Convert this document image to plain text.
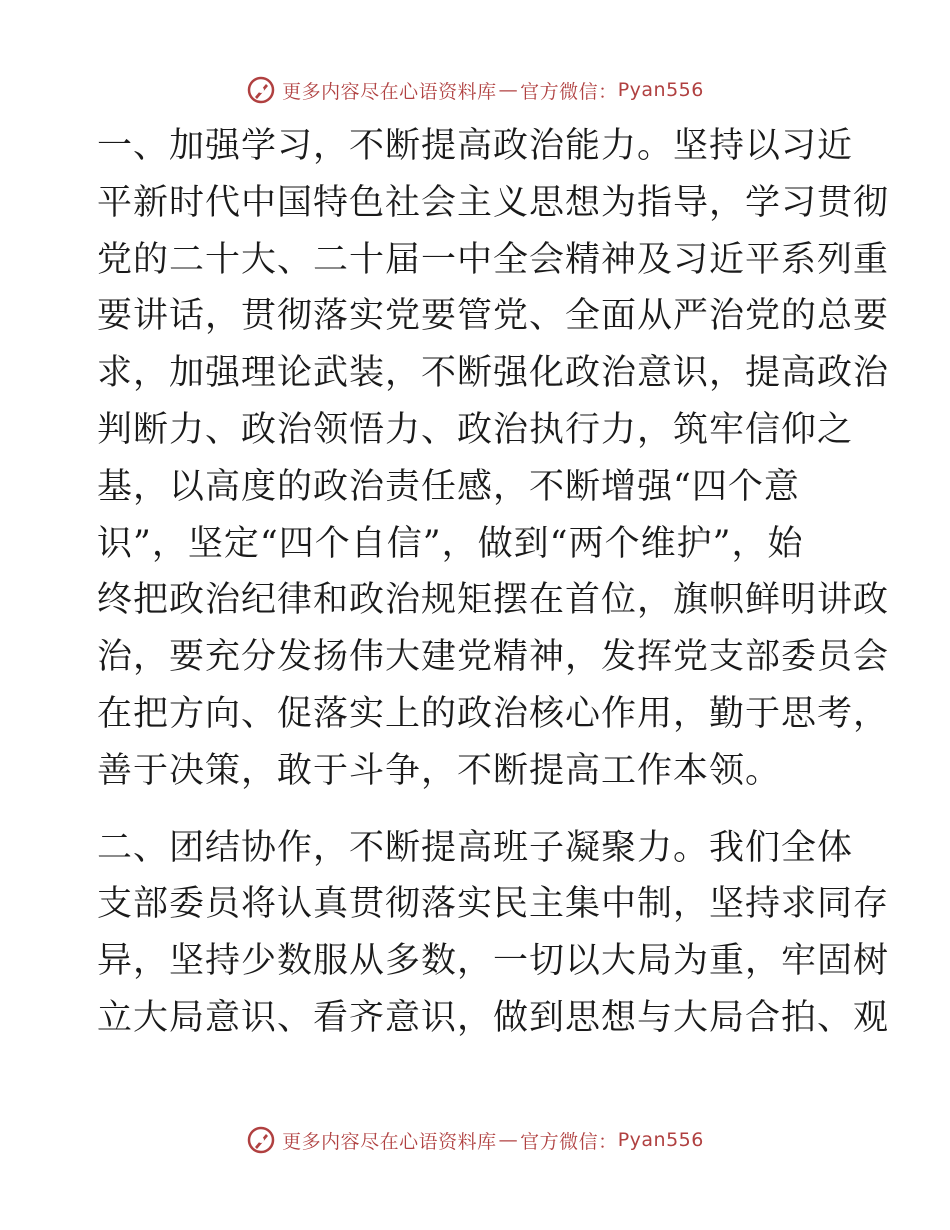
更多内容尽在心语资料库 — 官方微信： Pyan556

一、加强学习，不断提高政治能力。坚持以习近
平新时代中国特色社会主义思想为指导，学习贯彻
党的二十大、二十届一中全会精神及习近平系列重
要讲话，贯彻落实党要管党、全面从严治党的总要
求，加强理论武装，不断强化政治意识，提高政治
判断力、政治领悟力、政治执行力，筑牢信仰之
基，以高度的政治责任感，不断增强“四个意
识”，坚定“四个自信”，做到“两个维护”，始
终把政治纪律和政治规矩摆在首位，旗帜鲜明讲政
治，要充分发扬伟大建党精神，发挥党支部委员会
在把方向、促落实上的政治核心作用，勤于思考，
善于决策，敢于斗争，不断提高工作本领。

二、团结协作，不断提高班子凝聚力。我们全体
支部委员将认真贯彻落实民主集中制，坚持求同存
异，坚持少数服从多数，一切以大局为重，牢固树
立大局意识、看齐意识，做到思想与大局合拍、观

更多内容尽在心语资料库 — 官方微信： Pyan556
